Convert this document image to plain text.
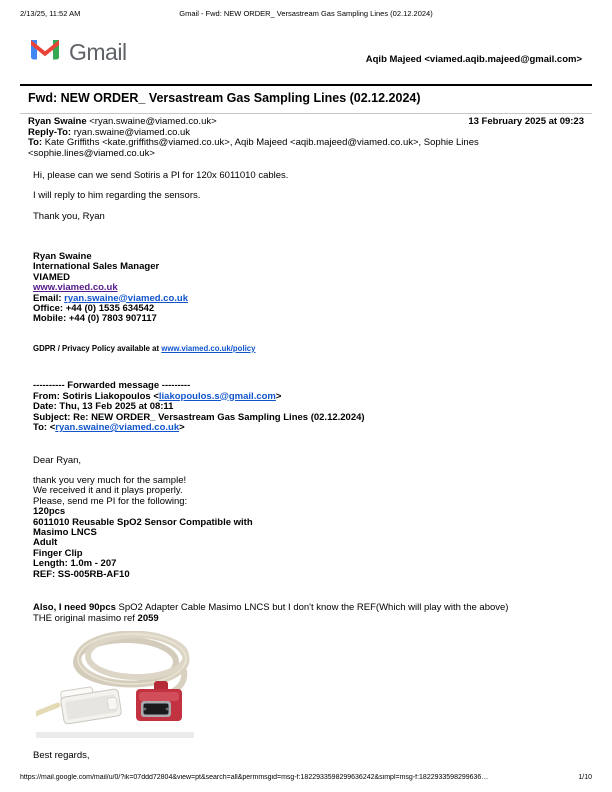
2/13/25, 11:52 AM	Gmail - Fwd: NEW ORDER_ Versastream Gas Sampling Lines (02.12.2024)
Gmail	Aqib Majeed <viamed.aqib.majeed@gmail.com>
Fwd: NEW ORDER_ Versastream Gas Sampling Lines (02.12.2024)
Ryan Swaine <ryan.swaine@viamed.co.uk>	13 February 2025 at 09:23
Reply-To: ryan.swaine@viamed.co.uk
To: Kate Griffiths <kate.griffiths@viamed.co.uk>, Aqib Majeed <aqib.majeed@viamed.co.uk>, Sophie Lines <sophie.lines@viamed.co.uk>

Hi, please can we send Sotiris a PI for 120x 6011010 cables.

I will reply to him regarding the sensors.

Thank you, Ryan

Ryan Swaine
International Sales Manager
VIAMED
www.viamed.co.uk
Email: ryan.swaine@viamed.co.uk
Office: +44 (0) 1535 634542
Mobile: +44 (0) 7803 907117
GDPR / Privacy Policy available at www.viamed.co.uk/policy
---------- Forwarded message ---------
From: Sotiris Liakopoulos <liakopoulos.s@gmail.com>
Date: Thu, 13 Feb 2025 at 08:11
Subject: Re: NEW ORDER_ Versastream Gas Sampling Lines (02.12.2024)
To: <ryan.swaine@viamed.co.uk>
Dear Ryan,
thank you very much for the sample!
We received it and it plays properly.
Please, send me PI for the following:
120pcs
6011010 Reusable SpO2 Sensor Compatible with
Masimo LNCS
Adult
Finger Clip
Length: 1.0m - 207
REF: SS-005RB-AF10
Also, I need 90pcs SpO2 Adapter Cable Masimo LNCS but I don't know the REF(Which will play with the above)
THE original masimo ref 2059
Best regards,
https://mail.google.com/mail/u/0/?ik=07ddd72804&view=pt&search=all&permmsgid=msg-f:1822933598299636242&simpl=msg-f:1822933598299636…	1/10
